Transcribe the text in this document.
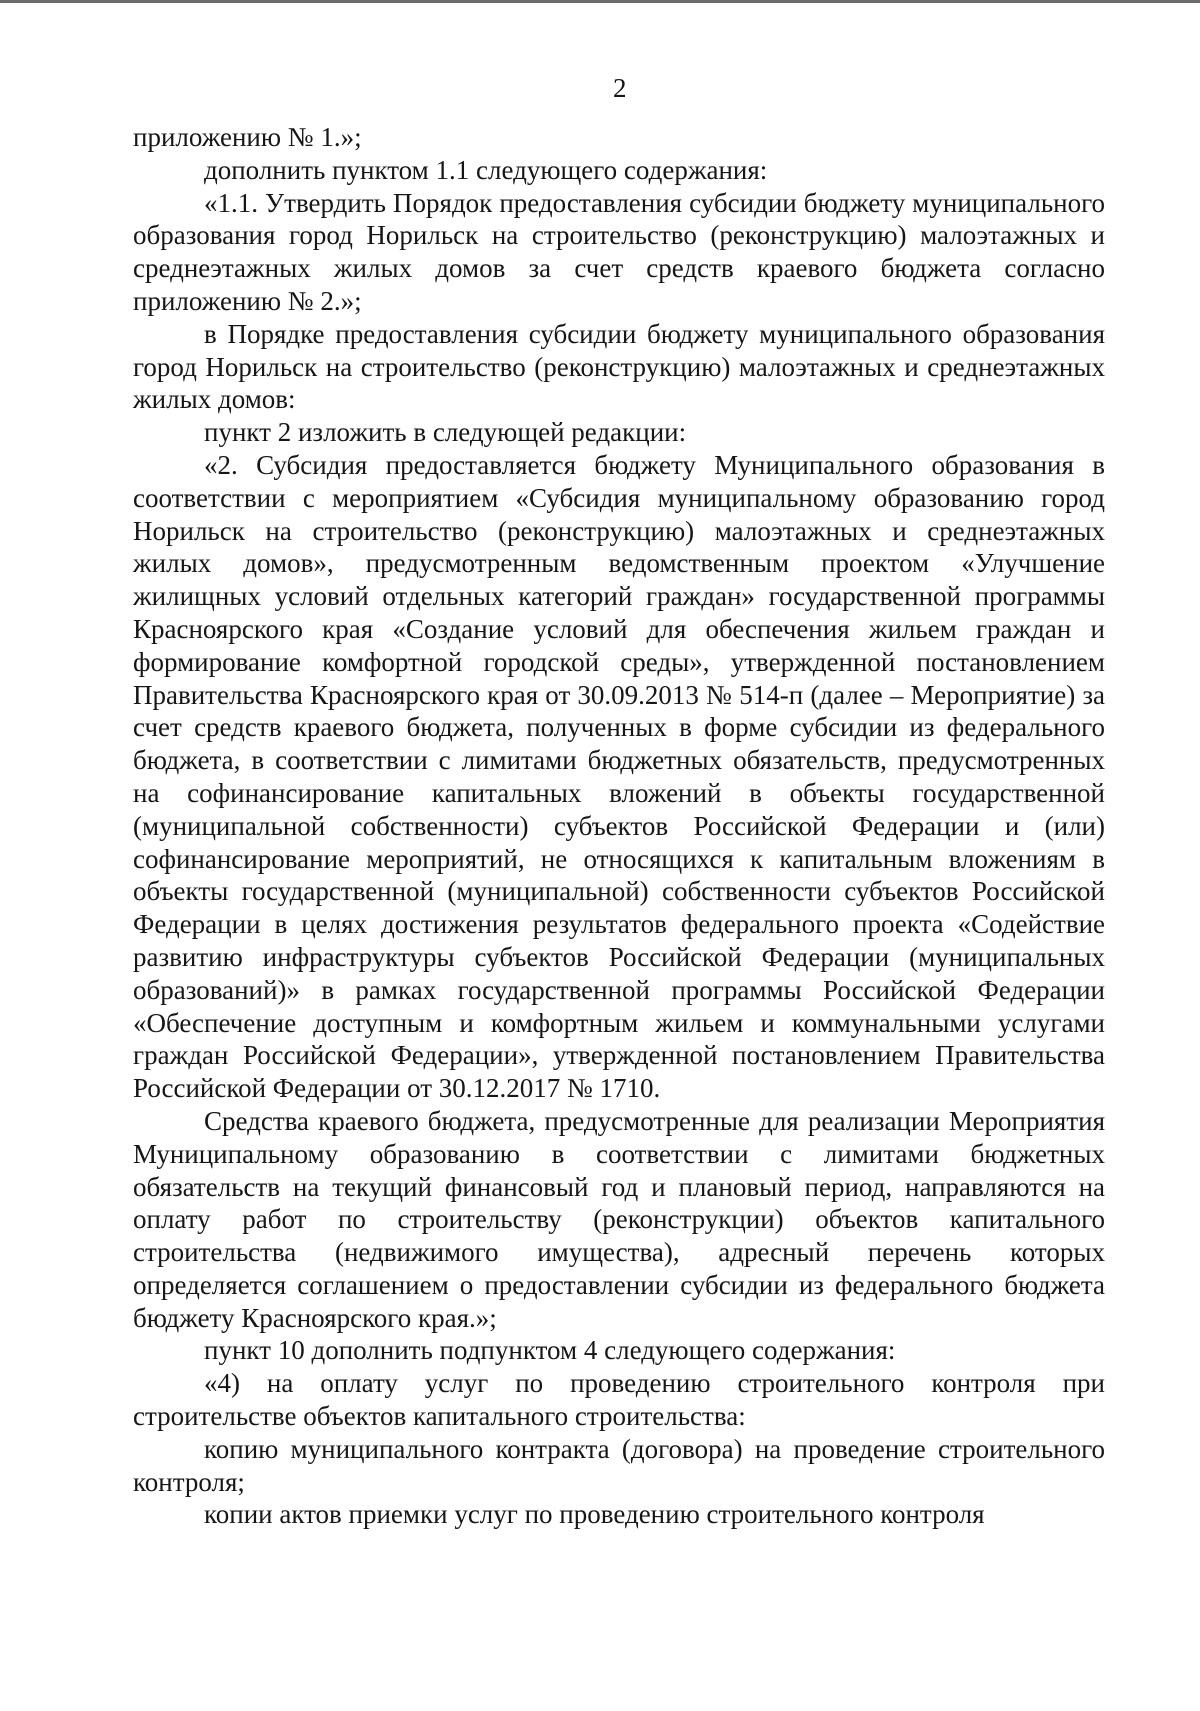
2

приложению № 1.»;

дополнить пунктом 1.1 следующего содержания:

«1.1. Утвердить Порядок предоставления субсидии бюджету муниципального образования город Норильск на строительство (реконструкцию) малоэтажных и среднеэтажных жилых домов за счет средств краевого бюджета согласно приложению № 2.»;

в Порядке предоставления субсидии бюджету муниципального образования город Норильск на строительство (реконструкцию) малоэтажных и среднеэтажных жилых домов:

пункт 2 изложить в следующей редакции:

«2. Субсидия предоставляется бюджету Муниципального образования в соответствии с мероприятием «Субсидия муниципальному образованию город Норильск на строительство (реконструкцию) малоэтажных и среднеэтажных жилых домов», предусмотренным ведомственным проектом «Улучшение жилищных условий отдельных категорий граждан» государственной программы Красноярского края «Создание условий для обеспечения жильем граждан и формирование комфортной городской среды», утвержденной постановлением Правительства Красноярского края от 30.09.2013 № 514-п (далее – Мероприятие) за счет средств краевого бюджета, полученных в форме субсидии из федерального бюджета, в соответствии с лимитами бюджетных обязательств, предусмотренных на софинансирование капитальных вложений в объекты государственной (муниципальной собственности) субъектов Российской Федерации и (или) софинансирование мероприятий, не относящихся к капитальным вложениям в объекты государственной (муниципальной) собственности субъектов Российской Федерации в целях достижения результатов федерального проекта «Содействие развитию инфраструктуры субъектов Российской Федерации (муниципальных образований)» в рамках государственной программы Российской Федерации «Обеспечение доступным и комфортным жильем и коммунальными услугами граждан Российской Федерации», утвержденной постановлением Правительства Российской Федерации от 30.12.2017 № 1710.

Средства краевого бюджета, предусмотренные для реализации Мероприятия Муниципальному образованию в соответствии с лимитами бюджетных обязательств на текущий финансовый год и плановый период, направляются на оплату работ по строительству (реконструкции) объектов капитального строительства (недвижимого имущества), адресный перечень которых определяется соглашением о предоставлении субсидии из федерального бюджета бюджету Красноярского края.»;

пункт 10 дополнить подпунктом 4 следующего содержания:

«4) на оплату услуг по проведению строительного контроля при строительстве объектов капитального строительства:

копию муниципального контракта (договора) на проведение строительного контроля;

копии актов приемки услуг по проведению строительного контроля
